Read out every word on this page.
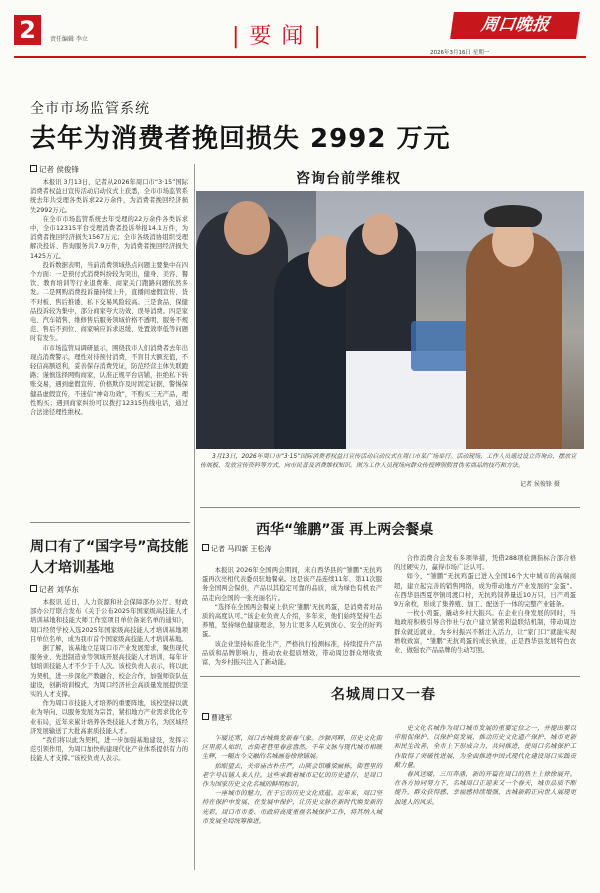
2	责任编辑 李立	|要闻|	周口晚报
2026年3月16日 星期一
全市市场监管系统
去年为消费者挽回损失 2992 万元
记者 侯俊锋

本报讯 3月13日，记者从2026年周口市“3·15”国际消费者权益日宣传活动启动仪式上获悉，全市市场监管系统去年共受理各类诉求22万余件，为消费者挽回经济损失2992万元。

在全市市场监管系统去年受理的22万余件各类诉求中，全市12315平台受理消费者投诉举报14.1万件，为消费者挽回经济损失1567万元；全市各级消协组织受理解决投诉、咨询服务共7.9万件，为消费者挽回经济损失1425万元。

投诉数据表明，当前消费领域热点问题主要集中在四个方面：一是预付式消费纠纷较为突出，健身、美容、餐饮、教育培训等行业退费难、商家关门跑路问题依然多发。二是网购消费投诉量持续上升，直播间虚假宣传、货不对板、售后推诿、私下交易风险较高。三是食品、保健品投诉较为集中，部分商家夸大功效、误导消费。四是家电、汽车销售、维修售后服务领域价格不透明、服务不规范、售后不到位、商家响应诉求迟缓、处置效率低等问题时有发生。

市市场监管局调研显示，围绕我市人们消费者去年出现点消费警示，理性对待预付消费，不盲目大额充值，不轻信高额返利，妥善保存消费凭证，防范经营主体失联跑路；谨慎选择网购商家，认准正规平台店铺，拒绝私下转账交易，遇到虚假宣传、价格欺诈及时固定证据，警惕保健品虚假宣传，不迷信“神奇功效”，不购买三无产品，理性购买；遇到商家纠纷可以拨打12315热线电话，通过合法途径理性维权。

咨询台前学维权

3月13日，2026年周口市“3·15”国际消费者权益日宣传活动启动仪式在周口市某广场举行。活动现场，工作人员通过设立咨询台、摆放宣传展板、发放宣传资料等方式，向市民普及消费维权知识。图为工作人员现场向群众传授辨别假冒伪劣商品的技巧和方法。

记者 侯俊锋 摄
周口有了“国字号”高技能人才培训基地
记者 刘华东

本报讯 近日，人力资源和社会保障部办公厅、财政部办公厅联合发布《关于公布2025年国家级高技能人才培训基地和技能大师工作室项目单位备案名单的通知》，周口经贸学校入选2025年国家级高技能人才培训基地项目单位名单，成为我市首个国家级高技能人才培训基地。

据了解，该基地立足周口市产业发展需求，聚焦现代服务业、先进制造业等领域开展高技能人才培训，每年计划培训技能人才不少于千人次。该校负责人表示，将以此为契机，进一步深化产教融合、校企合作，加强师资队伍建设，创新培训模式，为周口经济社会高质量发展提供坚实的人才支撑。

作为周口市技能人才培养的重要阵地，该校坚持以就业为导向、以服务发展为宗旨，紧扣地方产业需求优化专业布局，近年来累计培养各类技能人才数万名，为区域经济发展输送了大批高素质技能人才。

“我们将以此为契机，进一步加强基地建设，发挥示范引领作用，为周口加快构建现代化产业体系提供有力的技能人才支撑。”该校负责人表示。

西华“雏鹏”蛋 再上两会餐桌
记者 马四新 王松涛

本报讯 2026年全国两会期间，来自西华县的“雏鹏”无抗鸡蛋再次亮相代表委员驻地餐桌。这是该产品连续11年、第11次服务全国两会保供，产品以其稳定可靠的品质，成为绿色有机农产品走向全国的一张亮丽名片。

“选择在全国两会餐桌上供应‘雏鹏’无抗鸡蛋，是消费者对品质的高度认可。”该企业负责人介绍，多年来，他们始终坚持生态养殖，坚持绿色健康理念，努力让更多人吃到放心、安全的好鸡蛋。

该企业坚持标准化生产，严格执行检测标准，持续提升产品品质和品牌影响力，推动农业提质增效，带动周边群众增收致富，为乡村振兴注入了新动能。

合作消费合会发布多项举措，凭借288项检测指标合部合格的过硬实力，赢得市场广泛认可。

如今，“雏鹏”无抗鸡蛋已进入全国16个大中城市的高端商超，建立起完善的销售网络，成为带动地方产业发展的“金蛋”。在西华县西夏亭镇司渡口村，无抗鸡饲养量近10万只，日产鸡蛋9万余枚，形成了集养殖、加工、配送于一体的完整产业链条。

一枚小鸡蛋，撬动乡村大振兴。在企业自身发展的同时，当地政府积极引导合作社与农户建立紧密利益联结机制，带动周边群众就近就业，为乡村振兴不断注入活力，让“家门口”就能实现增收致富，“雏鹏”无抗鸡蛋的成长轨迹，正是西华县发展特色农业、做强农产品品牌的生动写照。

名城周口又一春
曹建军

乍暖还寒，周口古城焕发新春气象。沙颍河畔，历史文化街区里游人如织，古街老巷里春意盎然，千年文脉与现代城市相映生辉，一幅古今交融的名城画卷徐徐铺展。

抬眼望去，关帝庙古朴庄严，山陕会馆雕梁画栋，街巷里的老字号店铺人来人往。这些承载着城市记忆的历史遗存，是周口作为国家历史文化名城的鲜明标识。

一座城市的魅力，在于它的历史文化底蕴。近年来，周口坚持在保护中发展、在发展中保护，让历史文脉在新时代焕发新的光彩。周口市市委、市政府高度重视名城保护工作，将其纳入城市发展全局统筹推进。

史文化名城作为周口城市发展的重要定位之一，并提出要以申报促保护、以保护促发展，推动历史文化遗产保护、城市更新和民生改善，全市上下形成合力，共同推进，使周口名城保护工作取得了突破性进展，为全面推进中国式现代化建设周口实践贡献力量。

春风送暖，三川奔涌，新的开篇在周口的热土上徐徐展开。在各方协同努力下，名城周口正迎来又一个春天，城市品质不断提升，群众获得感、幸福感持续增强，古城新韵正向世人展现更加迷人的风采。
